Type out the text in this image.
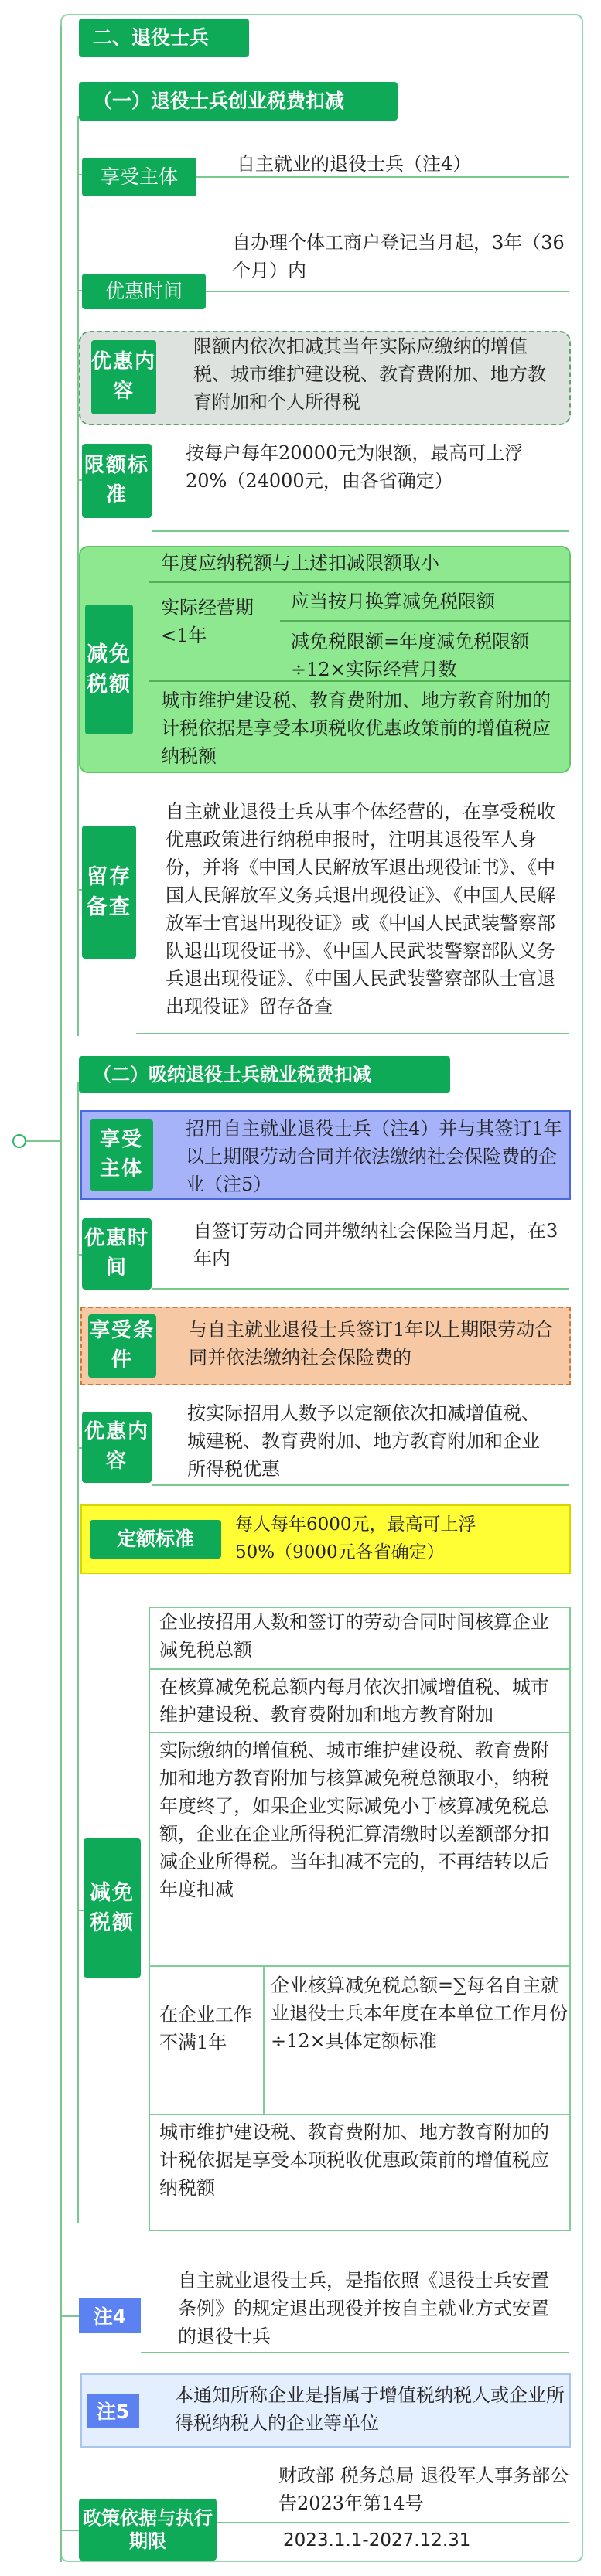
二、退役士兵
（一）退役士兵创业税费扣减
享受主体
自主就业的退役士兵（注4）
优惠时间
自办理个体工商户登记当月起，3年（36个月）内
优惠内容
限额内依次扣减其当年实际应缴纳的增值税、城市维护建设税、教育费附加、地方教育附加和个人所得税
限额标准
按每户每年20000元为限额，最高可上浮20%（24000元，由各省确定）
减免税额
年度应纳税额与上述扣减限额取小
实际经营期<1年
应当按月换算减免税限额
减免税限额=年度减免税限额÷12×实际经营月数
城市维护建设税、教育费附加、地方教育附加的计税依据是享受本项税收优惠政策前的增值税应纳税额
留存备查
自主就业退役士兵从事个体经营的，在享受税收优惠政策进行纳税申报时，注明其退役军人身份，并将《中国人民解放军退出现役证书》、《中国人民解放军义务兵退出现役证》、《中国人民解放军士官退出现役证》或《中国人民武装警察部队退出现役证书》、《中国人民武装警察部队义务兵退出现役证》、《中国人民武装警察部队士官退出现役证》留存备查
（二）吸纳退役士兵就业税费扣减
享受主体
招用自主就业退役士兵（注4）并与其签订1年以上期限劳动合同并依法缴纳社会保险费的企业（注5）
优惠时间
自签订劳动合同并缴纳社会保险当月起，在3年内
享受条件
与自主就业退役士兵签订1年以上期限劳动合同并依法缴纳社会保险费的
优惠内容
按实际招用人数予以定额依次扣减增值税、城建税、教育费附加、地方教育附加和企业所得税优惠
定额标准
每人每年6000元，最高可上浮50%（9000元各省确定）
减免税额
企业按招用人数和签订的劳动合同时间核算企业减免税总额
在核算减免税总额内每月依次扣减增值税、城市维护建设税、教育费附加和地方教育附加
实际缴纳的增值税、城市维护建设税、教育费附加和地方教育附加与核算减免税总额取小，纳税年度终了，如果企业实际减免小于核算减免税总额，企业在企业所得税汇算清缴时以差额部分扣减企业所得税。当年扣减不完的，不再结转以后年度扣减
在企业工作不满1年
企业核算减免税总额=∑每名自主就业退役士兵本年度在本单位工作月份÷12×具体定额标准
城市维护建设税、教育费附加、地方教育附加的计税依据是享受本项税收优惠政策前的增值税应纳税额
注4
自主就业退役士兵，是指依照《退役士兵安置条例》的规定退出现役并按自主就业方式安置的退役士兵
注5
本通知所称企业是指属于增值税纳税人或企业所得税纳税人的企业等单位
政策依据与执行期限
财政部 税务总局 退役军人事务部公告2023年第14号
2023.1.1-2027.12.31
